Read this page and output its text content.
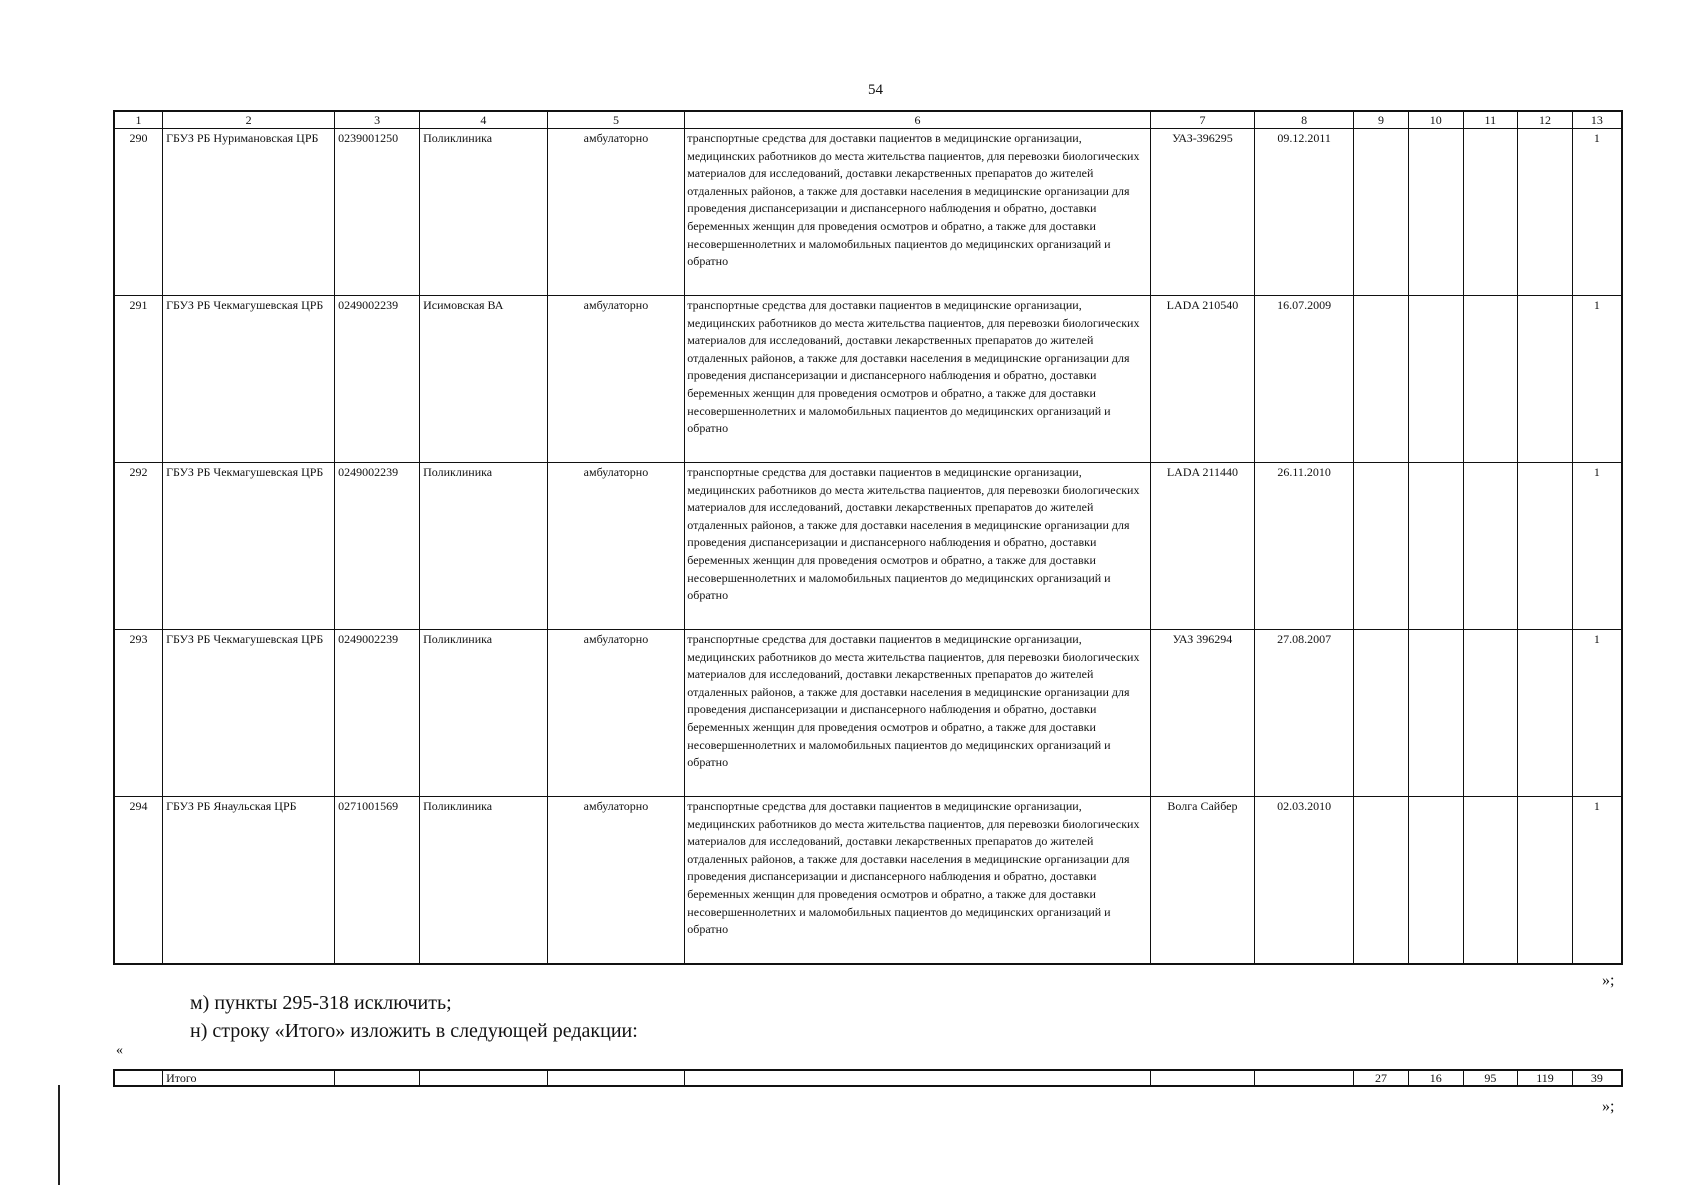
54
1	2	3	4	5	6	7	8	9	10	11	12	13
290	ГБУЗ РБ Нуримановская ЦРБ	0239001250	Поликлиника	амбулаторно	транспортные средства для доставки пациентов в медицинские организации, медицинских работников до места жительства пациентов, для перевозки биологических материалов для исследований, доставки лекарственных препаратов до жителей отдаленных районов, а также для доставки населения в медицинские организации для проведения диспансеризации и диспансерного наблюдения и обратно, доставки беременных женщин для проведения осмотров и обратно, а также для доставки несовершеннолетних и маломобильных пациентов до медицинских организаций и обратно	УАЗ-396295	09.12.2011					1
291	ГБУЗ РБ Чекмагушевская ЦРБ	0249002239	Исимовская ВА	амбулаторно	транспортные средства для доставки пациентов в медицинские организации, медицинских работников до места жительства пациентов, для перевозки биологических материалов для исследований, доставки лекарственных препаратов до жителей отдаленных районов, а также для доставки населения в медицинские организации для проведения диспансеризации и диспансерного наблюдения и обратно, доставки беременных женщин для проведения осмотров и обратно, а также для доставки несовершеннолетних и маломобильных пациентов до медицинских организаций и обратно	LADA 210540	16.07.2009					1
292	ГБУЗ РБ Чекмагушевская ЦРБ	0249002239	Поликлиника	амбулаторно	транспортные средства для доставки пациентов в медицинские организации, медицинских работников до места жительства пациентов, для перевозки биологических материалов для исследований, доставки лекарственных препаратов до жителей отдаленных районов, а также для доставки населения в медицинские организации для проведения диспансеризации и диспансерного наблюдения и обратно, доставки беременных женщин для проведения осмотров и обратно, а также для доставки несовершеннолетних и маломобильных пациентов до медицинских организаций и обратно	LADA 211440	26.11.2010					1
293	ГБУЗ РБ Чекмагушевская ЦРБ	0249002239	Поликлиника	амбулаторно	транспортные средства для доставки пациентов в медицинские организации, медицинских работников до места жительства пациентов, для перевозки биологических материалов для исследований, доставки лекарственных препаратов до жителей отдаленных районов, а также для доставки населения в медицинские организации для проведения диспансеризации и диспансерного наблюдения и обратно, доставки беременных женщин для проведения осмотров и обратно, а также для доставки несовершеннолетних и маломобильных пациентов до медицинских организаций и обратно	УАЗ 396294	27.08.2007					1
294	ГБУЗ РБ Янаульская ЦРБ	0271001569	Поликлиника	амбулаторно	транспортные средства для доставки пациентов в медицинские организации, медицинских работников до места жительства пациентов, для перевозки биологических материалов для исследований, доставки лекарственных препаратов до жителей отдаленных районов, а также для доставки населения в медицинские организации для проведения диспансеризации и диспансерного наблюдения и обратно, доставки беременных женщин для проведения осмотров и обратно, а также для доставки несовершеннолетних и маломобильных пациентов до медицинских организаций и обратно	Волга Сайбер	02.03.2010					1
»;
м) пункты 295-318 исключить;
н) строку «Итого» изложить в следующей редакции:
«
	Итого							27	16	95	119	39
»;
